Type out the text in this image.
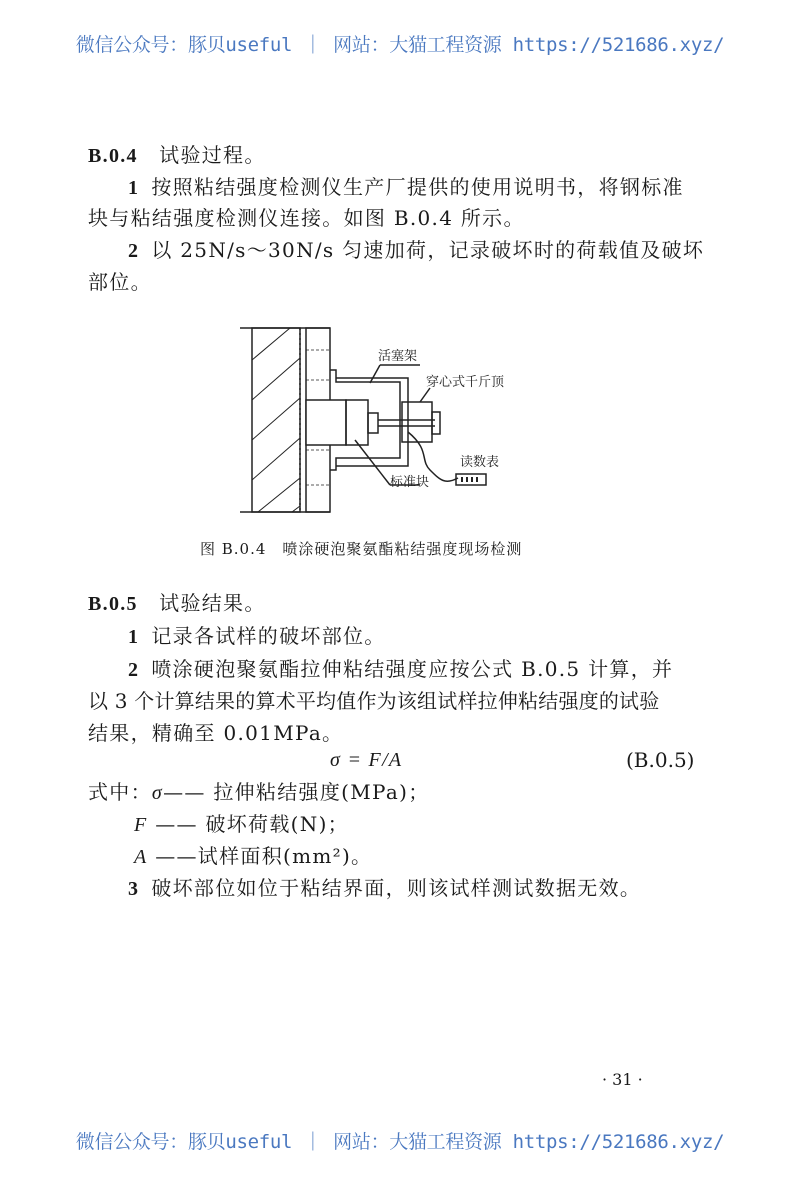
微信公众号：豚贝useful ｜ 网站：大猫工程资源 https://521686.xyz/
B.0.4　 试验过程。
1 按照粘结强度检测仪生产厂提供的使用说明书，将钢标准
块与粘结强度检测仪连接。如图 B.0.4 所示。
2 以 25N/s～30N/s 匀速加荷，记录破坏时的荷载值及破坏
部位。
活塞架
穿心式千斤顶
读数表
标准块
图 B.0.4　喷涂硬泡聚氨酯粘结强度现场检测
B.0.5　 试验结果。
1 记录各试样的破坏部位。
2 喷涂硬泡聚氨酯拉伸粘结强度应按公式 B.0.5 计算，并
以 3 个计算结果的算术平均值作为该组试样拉伸粘结强度的试验
结果，精确至 0.01MPa。
σ = F/A	(B.0.5)
式中：σ—— 拉伸粘结强度(MPa)；
F —— 破坏荷载(N)；
A ——试样面积(mm²)。
3 破坏部位如位于粘结界面，则该试样测试数据无效。
· 31 ·
微信公众号：豚贝useful ｜ 网站：大猫工程资源 https://521686.xyz/
